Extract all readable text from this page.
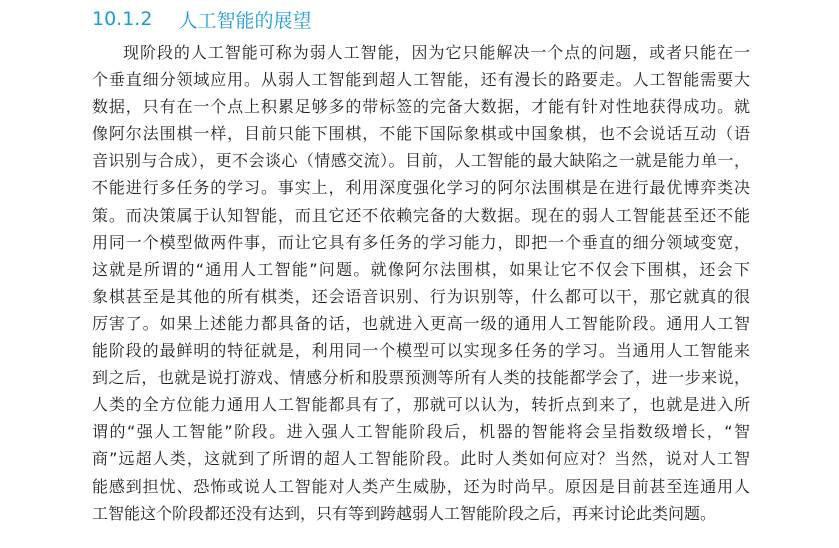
10.1.2 人工智能的展望
现阶段的人工智能可称为弱人工智能，因为它只能解决一个点的问题，或者只能在一
个垂直细分领域应用。从弱人工智能到超人工智能，还有漫长的路要走。人工智能需要大
数据，只有在一个点上积累足够多的带标签的完备大数据，才能有针对性地获得成功。就
像阿尔法围棋一样，目前只能下围棋，不能下国际象棋或中国象棋，也不会说话互动（语
音识别与合成），更不会谈心（情感交流）。目前，人工智能的最大缺陷之一就是能力单一，
不能进行多任务的学习。事实上，利用深度强化学习的阿尔法围棋是在进行最优博弈类决
策。而决策属于认知智能，而且它还不依赖完备的大数据。现在的弱人工智能甚至还不能
用同一个模型做两件事，而让它具有多任务的学习能力，即把一个垂直的细分领域变宽，
这就是所谓的“通用人工智能”问题。就像阿尔法围棋，如果让它不仅会下围棋，还会下
象棋甚至是其他的所有棋类，还会语音识别、行为识别等，什么都可以干，那它就真的很
厉害了。如果上述能力都具备的话，也就进入更高一级的通用人工智能阶段。通用人工智
能阶段的最鲜明的特征就是，利用同一个模型可以实现多任务的学习。当通用人工智能来
到之后，也就是说打游戏、情感分析和股票预测等所有人类的技能都学会了，进一步来说，
人类的全方位能力通用人工智能都具有了，那就可以认为，转折点到来了，也就是进入所
谓的“强人工智能”阶段。进入强人工智能阶段后，机器的智能将会呈指数级增长，“智
商”远超人类，这就到了所谓的超人工智能阶段。此时人类如何应对？当然，说对人工智
能感到担忧、恐怖或说人工智能对人类产生威胁，还为时尚早。原因是目前甚至连通用人
工智能这个阶段都还没有达到，只有等到跨越弱人工智能阶段之后，再来讨论此类问题。
